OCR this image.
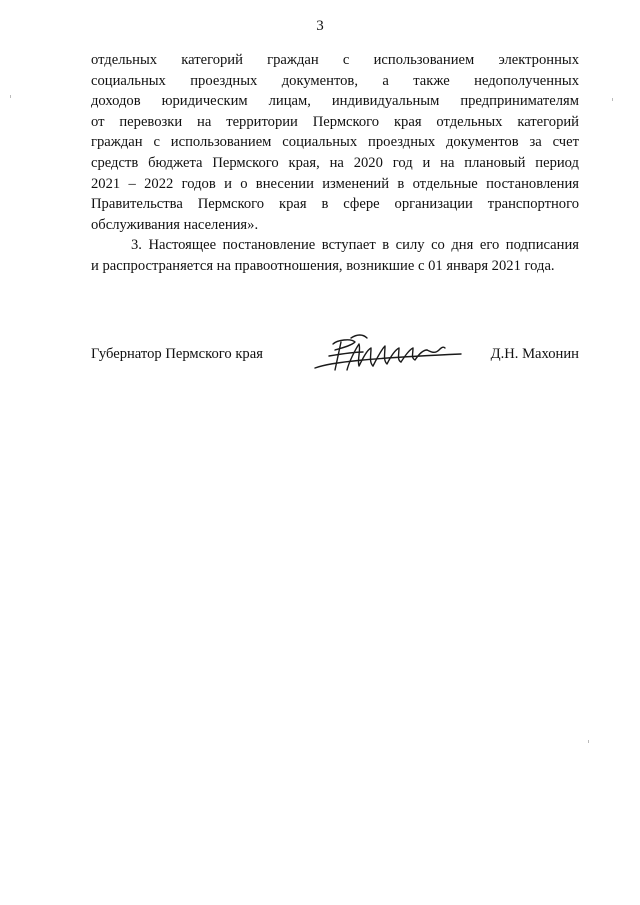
3
отдельных категорий граждан с использованием электронных
социальных проездных документов, а также недополученных
доходов юридическим лицам, индивидуальным предпринимателям
от перевозки на территории Пермского края отдельных категорий
граждан с использованием социальных проездных документов за счет
средств бюджета Пермского края, на 2020 год и на плановый период
2021 – 2022 годов и о внесении изменений в отдельные постановления
Правительства Пермского края в сфере организации транспортного
обслуживания населения».
3. Настоящее постановление вступает в силу со дня его подписания
и распространяется на правоотношения, возникшие с 01 января 2021 года.
Губернатор Пермского края	Д.Н. Махонин
